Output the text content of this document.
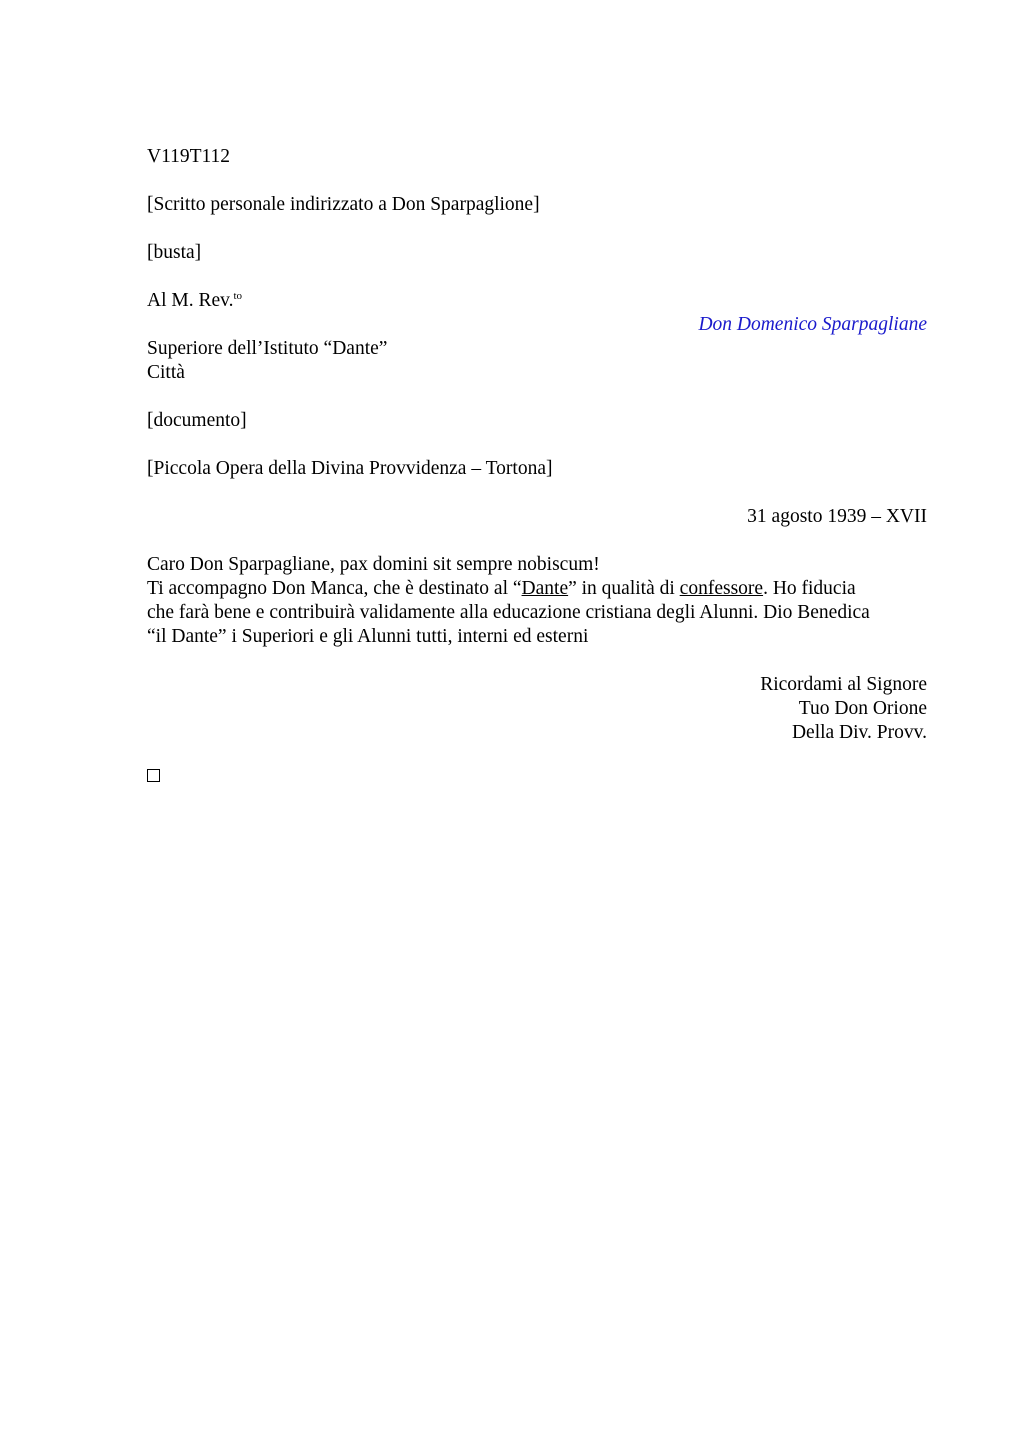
V119T112

[Scritto personale indirizzato a Don Sparpaglione]

[busta]

Al M. Rev.$^{to}$
Don Domenico Sparpagliane
Superiore dell’Istituto “Dante”
Città

[documento]

[Piccola Opera della Divina Provvidenza – Tortona]

31 agosto 1939 – XVII

Caro Don Sparpagliane, pax domini sit sempre nobiscum!
Ti accompagno Don Manca, che è destinato al “Dante” in qualità di confessore. Ho fiducia
che farà bene e contribuirà validamente alla educazione cristiana degli Alunni. Dio Benedica
“il Dante” i Superiori e gli Alunni tutti, interni ed esterni
Ricordami al Signore
Tuo Don Orione
Della Div. Provv.
